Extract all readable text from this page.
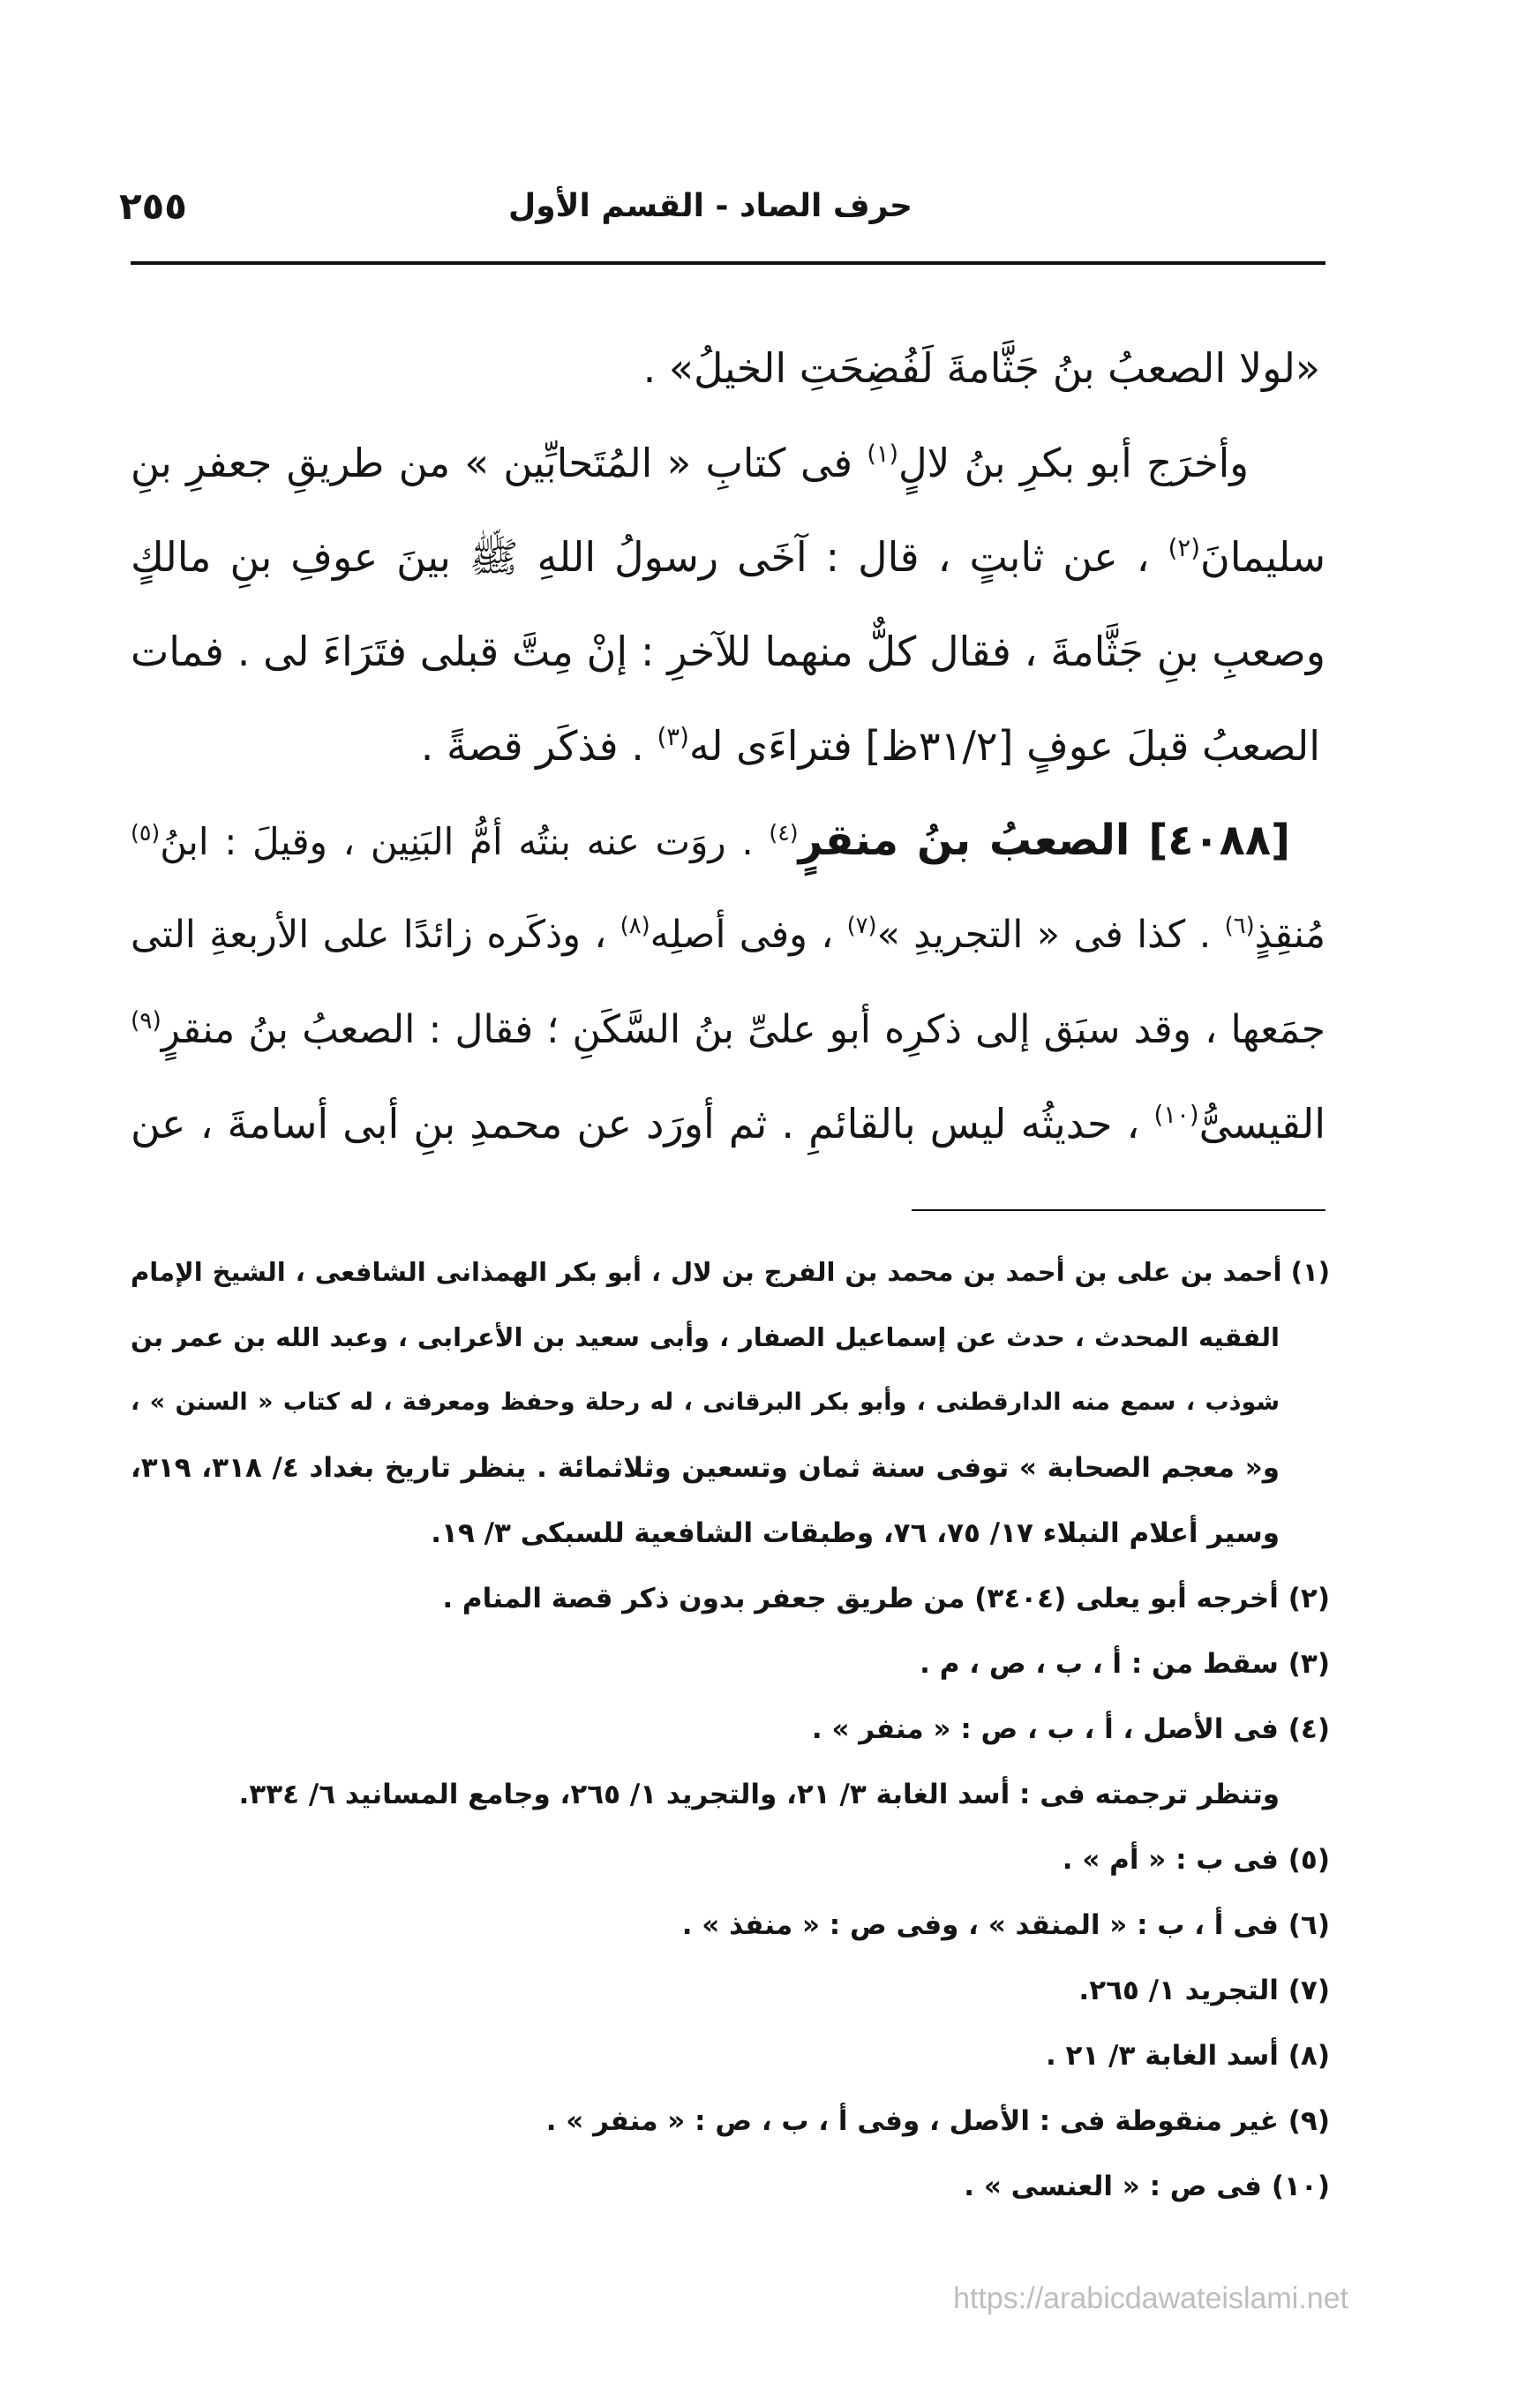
حرف الصاد - القسم الأول
٢٥٥
«لولا الصعبُ بنُ جَثَّامةَ لَفُضِحَتِ الخيلُ» .
وأخرَج أبو بكرِ بنُ لالٍ$^{(١)}$ فى كتابِ « المُتَحابِّين » من طريقِ جعفرِ بنِ
سليمانَ$^{(٢)}$ ، عن ثابتٍ ، قال : آخَى رسولُ اللهِ ﷺ بينَ عوفِ بنِ مالكٍ
وصعبِ بنِ جَثَّامةَ ، فقال كلٌّ منهما للآخرِ : إنْ مِتَّ قبلى فتَرَاءَ لى . فمات
الصعبُ قبلَ عوفٍ [٣١/٢ظ] فتراءَى له$^{(٣)}$ . فذكَر قصةً .
[٤٠٨٨] الصعبُ بنُ منقرٍ$^{(٤)}$ . روَت عنه بنتُه أمُّ البَنِين ، وقيلَ : ابنُ$^{(٥)}$
مُنقِذٍ$^{(٦)}$ . كذا فى « التجريدِ »$^{(٧)}$ ، وفى أصلِه$^{(٨)}$ ، وذكَره زائدًا على الأربعةِ التى
جمَعها ، وقد سبَق إلى ذكرِه أبو علىِّ بنُ السَّكَنِ ؛ فقال : الصعبُ بنُ منقرٍ$^{(٩)}$
القيسىُّ$^{(١٠)}$ ، حديثُه ليس بالقائمِ . ثم أورَد عن محمدِ بنِ أبى أسامةَ ، عن
(١)أحمد بن على بن أحمد بن محمد بن الفرج بن لال ، أبو بكر الهمذانى الشافعى ، الشيخ الإمام
الفقيه المحدث ، حدث عن إسماعيل الصفار ، وأبى سعيد بن الأعرابى ، وعبد الله بن عمر بن
شوذب ، سمع منه الدارقطنى ، وأبو بكر البرقانى ، له رحلة وحفظ ومعرفة ، له كتاب « السنن » ،
و« معجم الصحابة » توفى سنة ثمان وتسعين وثلاثمائة . ينظر تاريخ بغداد ٤/ ٣١٨، ٣١٩،
وسير أعلام النبلاء ١٧/ ٧٥، ٧٦، وطبقات الشافعية للسبكى ٣/ ١٩.
(٢)أخرجه أبو يعلى (٣٤٠٤) من طريق جعفر بدون ذكر قصة المنام .
(٣)سقط من : أ ، ب ، ص ، م .
(٤)فى الأصل ، أ ، ب ، ص : « منفر » .
وتنظر ترجمته فى : أسد الغابة ٣/ ٢١، والتجريد ١/ ٢٦٥، وجامع المسانيد ٦/ ٣٣٤.
(٥)فى ب : « أم » .
(٦)فى أ ، ب : « المنقد » ، وفى ص : « منفذ » .
(٧)التجريد ١/ ٢٦٥.
(٨)أسد الغابة ٣/ ٢١ .
(٩)غير منقوطة فى : الأصل ، وفى أ ، ب ، ص : « منفر » .
(١٠)فى ص : « العنسى » .
https://arabicdawateislami.net
